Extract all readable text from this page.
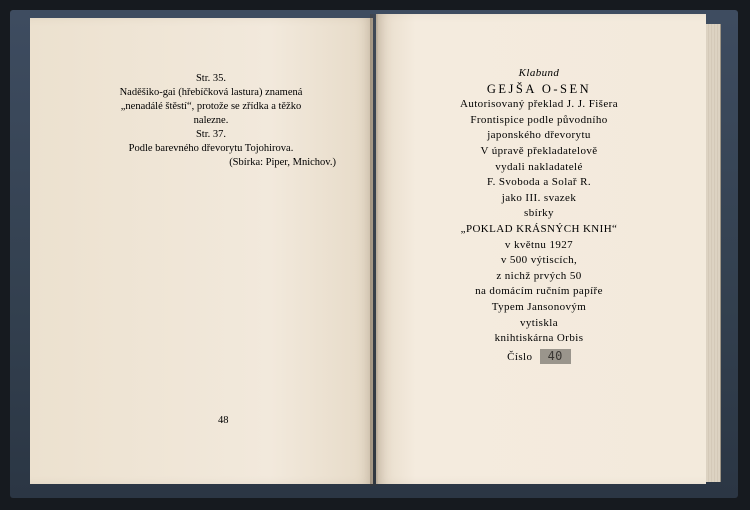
Str. 35.

Naděšiko-gai (hřebíčková lastura) znamená

„nenadálé štěstí“, protože se zřídka a těžko

nalezne.

Str. 37.

Podle barevného dřevorytu Tojohirova.

(Sbírka: Piper, Mnichov.)

48
Klabund
GEJŠA O-SEN
Autorisovaný překlad J. J. Fišera
Frontispice podle původního
japonského dřevorytu
V úpravě překladatelově
vydali nakladatelé
F. Svoboda a Solař R.
jako III. svazek
sbírky
„POKLAD KRÁSNÝCH KNIH“
v květnu 1927
v 500 výtiscích,
z nichž prvých 50
na domácím ručním papíře
Typem Jansonovým
vytiskla
knihtiskárna Orbis
Číslo 40
